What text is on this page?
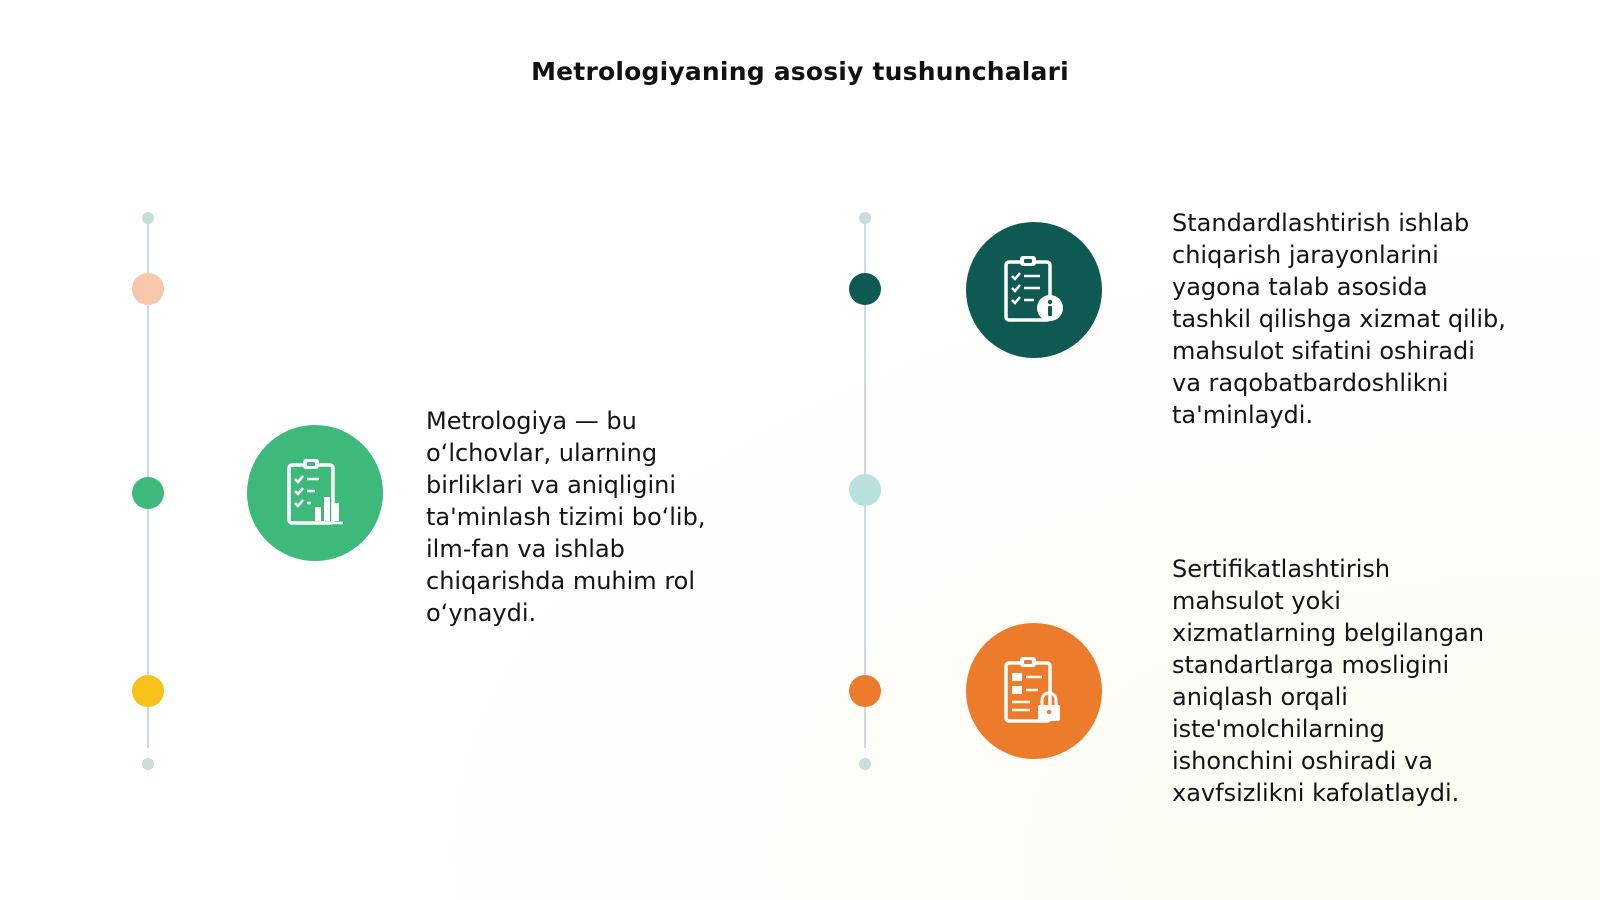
Metrologiyaning asosiy tushunchalari

Metrologiya — bu
o‘lchovlar, ularning
birliklari va aniqligini
ta'minlash tizimi bo‘lib,
ilm-fan va ishlab
chiqarishda muhim rol
o‘ynaydi.

Standardlashtirish ishlab
chiqarish jarayonlarini
yagona talab asosida
tashkil qilishga xizmat qilib,
mahsulot sifatini oshiradi
va raqobatbardoshlikni
ta'minlaydi.

Sertifikatlashtirish
mahsulot yoki
xizmatlarning belgilangan
standartlarga mosligini
aniqlash orqali
iste'molchilarning
ishonchini oshiradi va
xavfsizlikni kafolatlaydi.
